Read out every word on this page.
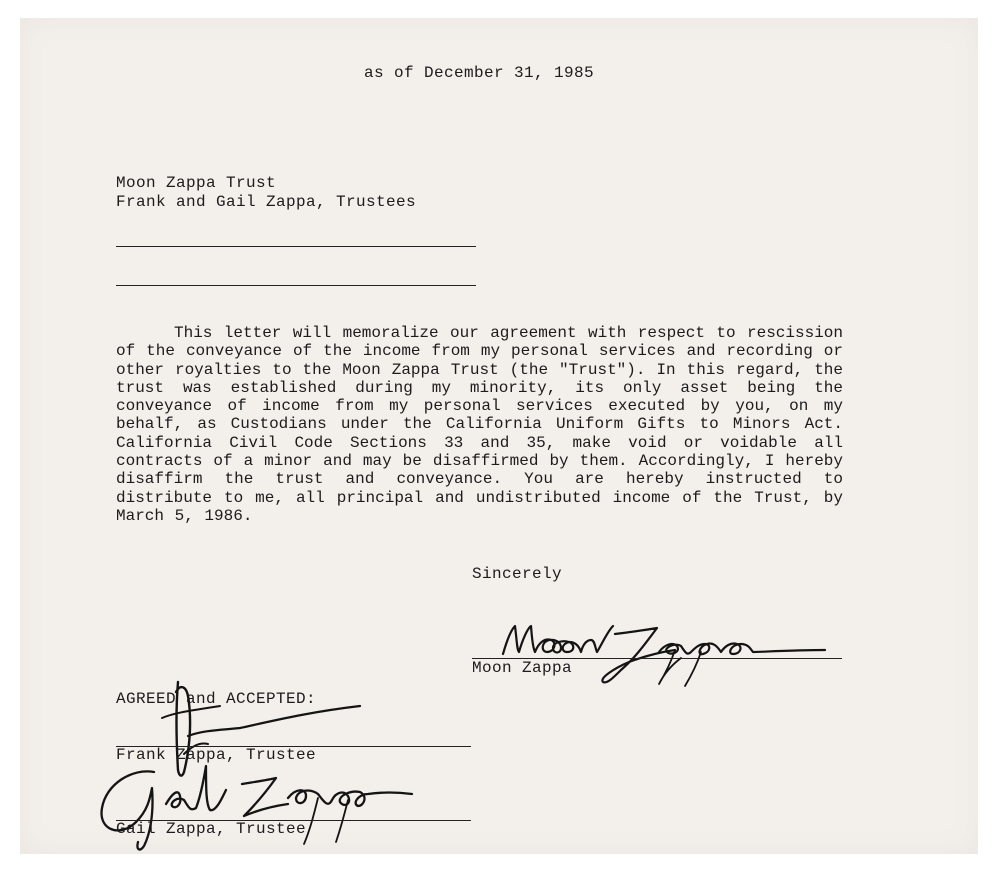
as of December 31, 1985
Moon Zappa Trust
Frank and Gail Zappa, Trustees
This letter will memoralize our agreement with respect to rescission of the conveyance of the income from my personal services and recording or other royalties to the Moon Zappa Trust (the "Trust"). In this regard, the trust was established during my minority, its only asset being the conveyance of income from my personal services executed by you, on my behalf, as Custodians under the California Uniform Gifts to Minors Act. California Civil Code Sections 33 and 35, make void or voidable all contracts of a minor and may be disaffirmed by them. Accordingly, I hereby disaffirm the trust and conveyance. You are hereby instructed to distribute to me, all principal and undistributed income of the Trust, by March 5, 1986.
Sincerely
Moon Zappa
AGREED and ACCEPTED:
Frank Zappa, Trustee
Gail Zappa, Trustee
